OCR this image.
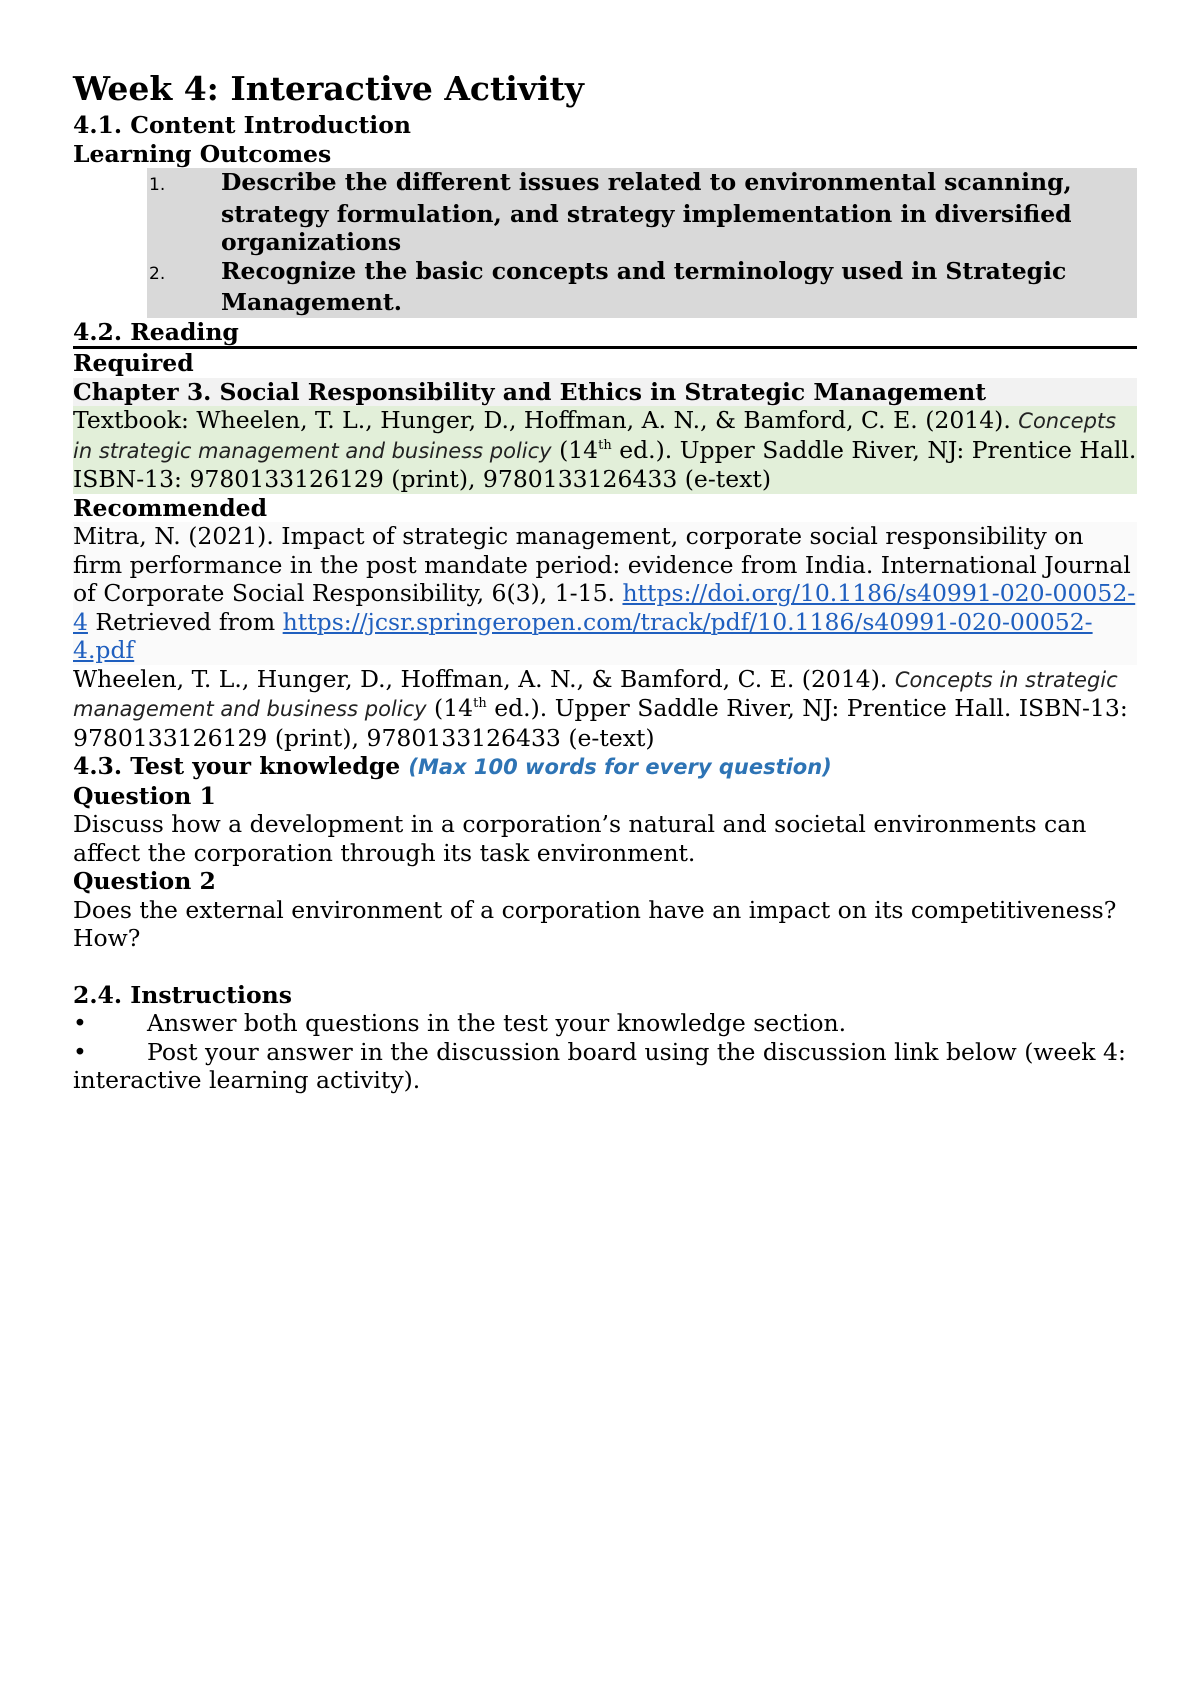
Week 4: Interactive Activity
4.1. Content Introduction
Learning Outcomes

1. Describe the different issues related to environmental scanning, strategy formulation, and strategy implementation in diversified organizations

2. Recognize the basic concepts and terminology used in Strategic Management.

4.2. Reading
Required
Chapter 3. Social Responsibility and Ethics in Strategic Management

Textbook: Wheelen, T. L., Hunger, D., Hoffman, A. N., & Bamford, C. E. (2014). Concepts in strategic management and business policy (14th ed.). Upper Saddle River, NJ: Prentice Hall. ISBN-13: 9780133126129 (print), 9780133126433 (e-text)

Recommended

Mitra, N. (2021). Impact of strategic management, corporate social responsibility on firm performance in the post mandate period: evidence from India. International Journal of Corporate Social Responsibility, 6(3), 1-15. https://doi.org/10.1186/s40991-020-00052-4 Retrieved from https://jcsr.springeropen.com/track/pdf/10.1186/s40991-020-00052-4.pdf

Wheelen, T. L., Hunger, D., Hoffman, A. N., & Bamford, C. E. (2014). Concepts in strategic management and business policy (14th ed.). Upper Saddle River, NJ: Prentice Hall. ISBN-13: 9780133126129 (print), 9780133126433 (e-text)

4.3. Test your knowledge (Max 100 words for every question)
Question 1

Discuss how a development in a corporation’s natural and societal environments can affect the corporation through its task environment.

Question 2

Does the external environment of a corporation have an impact on its competitiveness? How?

2.4. Instructions

•	Answer both questions in the test your knowledge section.

•	Post your answer in the discussion board using the discussion link below (week 4: interactive learning activity).
